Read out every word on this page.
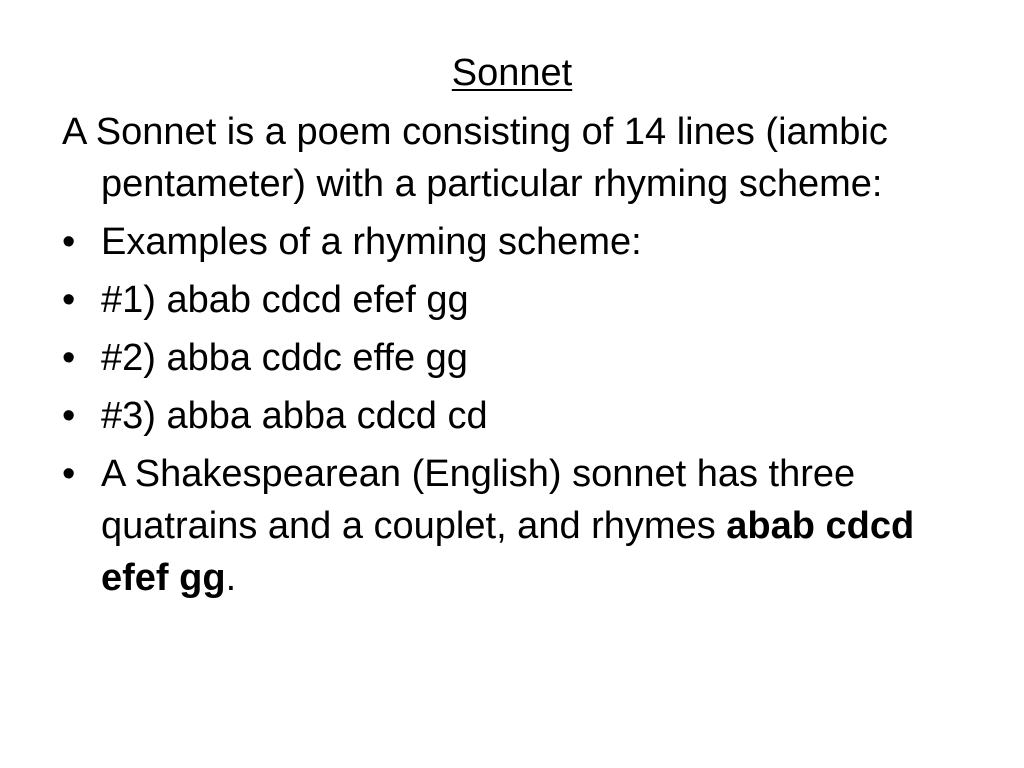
Sonnet

A Sonnet is a poem consisting of 14 lines (iambic pentameter) with a particular rhyming scheme:

• Examples of a rhyming scheme:
• #1) abab cdcd efef gg
• #2) abba cddc effe gg
• #3) abba abba cdcd cd
• A Shakespearean (English) sonnet has three quatrains and a couplet, and rhymes abab cdcd efef gg.
